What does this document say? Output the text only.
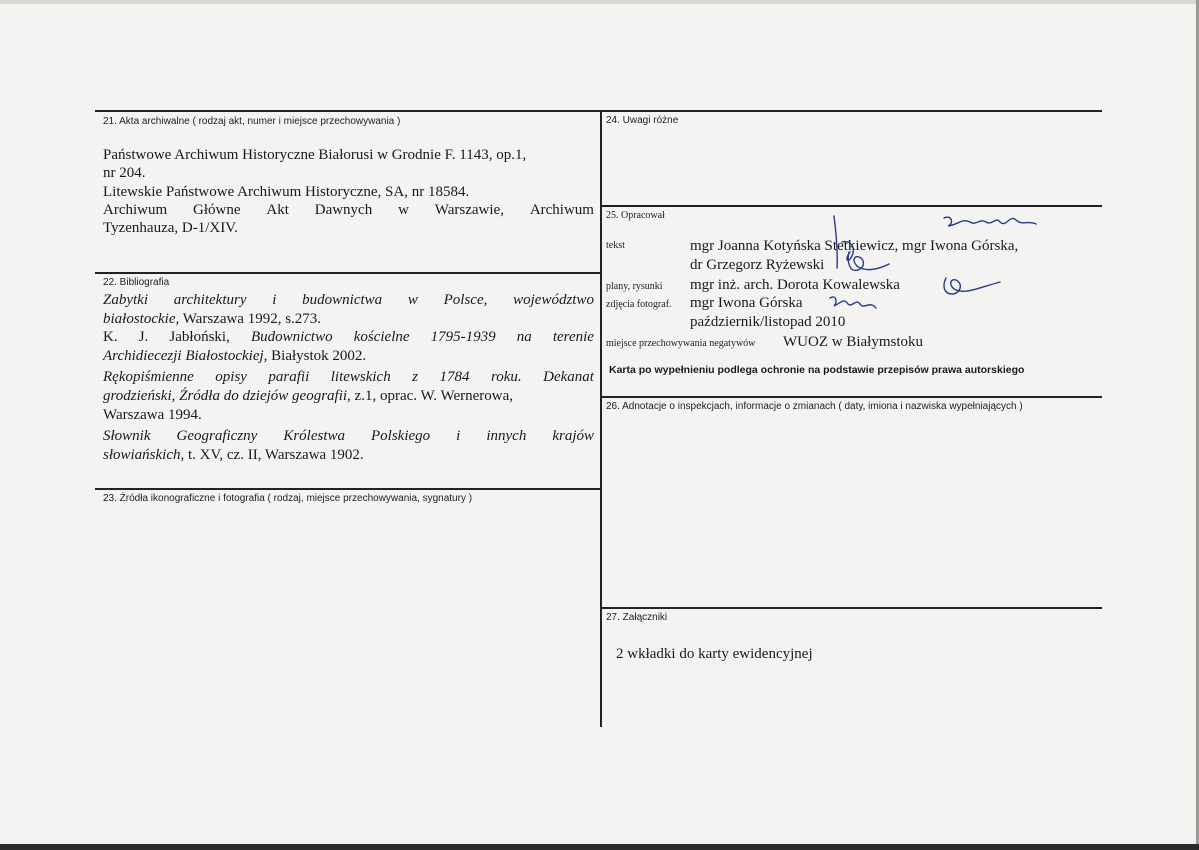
21. Akta archiwalne ( rodzaj akt, numer i miejsce przechowywania )
Państwowe Archiwum Historyczne Białorusi w Grodnie F. 1143, op.1,
nr 204.
Litewskie Państwowe Archiwum Historyczne, SA, nr 18584.
Archiwum Główne Akt Dawnych w Warszawie, Archiwum
Tyzenhauza, D-1/XIV.
22. Bibliografia
Zabytki architektury i budownictwa w Polsce, województwo
białostockie, Warszawa 1992, s.273.
K. J. Jabłoński, Budownictwo kościelne 1795-1939 na terenie
Archidiecezji Białostockiej, Białystok 2002.
Rękopiśmienne opisy parafii litewskich z 1784 roku. Dekanat
grodzieński, Źródła do dziejów geografii, z.1, oprac. W. Wernerowa,
Warszawa 1994.
Słownik Geograficzny Królestwa Polskiego i innych krajów
słowiańskich, t. XV, cz. II, Warszawa 1902.
23. Źródła ikonograficzne i fotografia ( rodzaj, miejsce przechowywania, sygnatury )
24. Uwagi różne
25. Opracował
tekst	mgr Joanna Kotyńska Stetkiewicz, mgr Iwona Górska,
dr Grzegorz Ryżewski
plany, rysunki mgr inż. arch. Dorota Kowalewska
zdjęcia fotograf. mgr Iwona Górska
październik/listopad 2010
miejsce przechowywania negatywów WUOZ w Białymstoku
Karta po wypełnieniu podlega ochronie na podstawie przepisów prawa autorskiego
26. Adnotacje o inspekcjach, informacje o zmianach ( daty, imiona i nazwiska wypełniających )
27. Załączniki
2 wkładki do karty ewidencyjnej
